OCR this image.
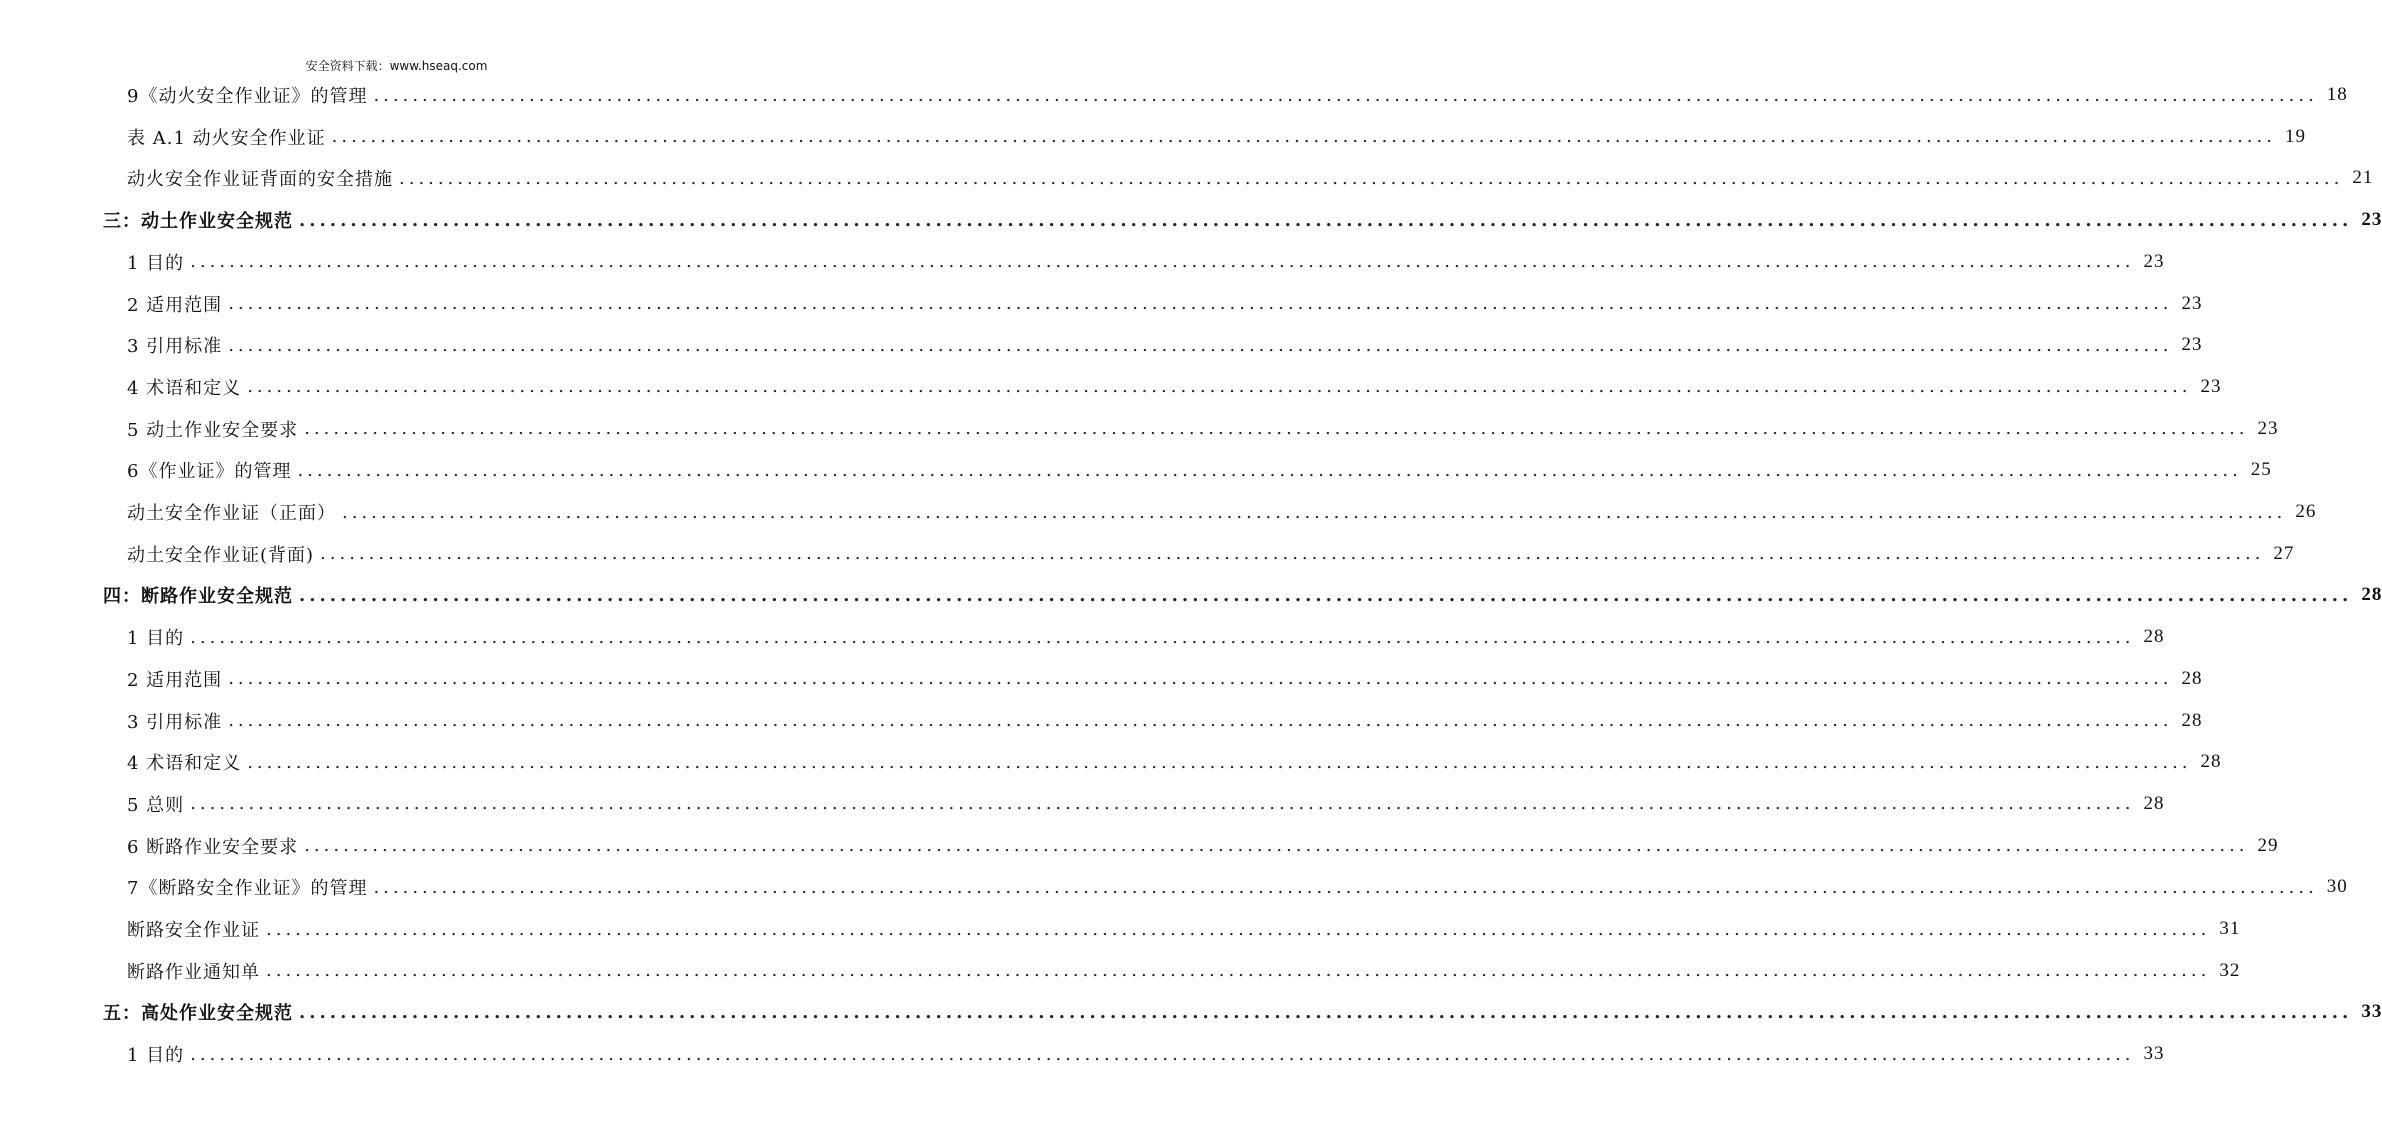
安全资料下载：www.hseaq.com
9《动火安全作业证》的管理 ........................................................................................................................................................................................................ 18
表 A.1 动火安全作业证 ........................................................................................................................................................................................................ 19
动火安全作业证背面的安全措施 ........................................................................................................................................................................................................ 21
三：动土作业安全规范 ........................................................................................................................................................................................................ 23
1 目的 ........................................................................................................................................................................................................ 23
2 适用范围 ........................................................................................................................................................................................................ 23
3 引用标准 ........................................................................................................................................................................................................ 23
4 术语和定义 ........................................................................................................................................................................................................ 23
5 动土作业安全要求 ........................................................................................................................................................................................................ 23
6《作业证》的管理 ........................................................................................................................................................................................................ 25
动土安全作业证（正面） ........................................................................................................................................................................................................ 26
动土安全作业证(背面) ........................................................................................................................................................................................................ 27
四：断路作业安全规范 ........................................................................................................................................................................................................ 28
1 目的 ........................................................................................................................................................................................................ 28
2 适用范围 ........................................................................................................................................................................................................ 28
3 引用标准 ........................................................................................................................................................................................................ 28
4 术语和定义 ........................................................................................................................................................................................................ 28
5 总则 ........................................................................................................................................................................................................ 28
6 断路作业安全要求 ........................................................................................................................................................................................................ 29
7《断路安全作业证》的管理 ........................................................................................................................................................................................................ 30
断路安全作业证 ........................................................................................................................................................................................................ 31
断路作业通知单 ........................................................................................................................................................................................................ 32
五：高处作业安全规范 ........................................................................................................................................................................................................ 33
1 目的 ........................................................................................................................................................................................................ 33
